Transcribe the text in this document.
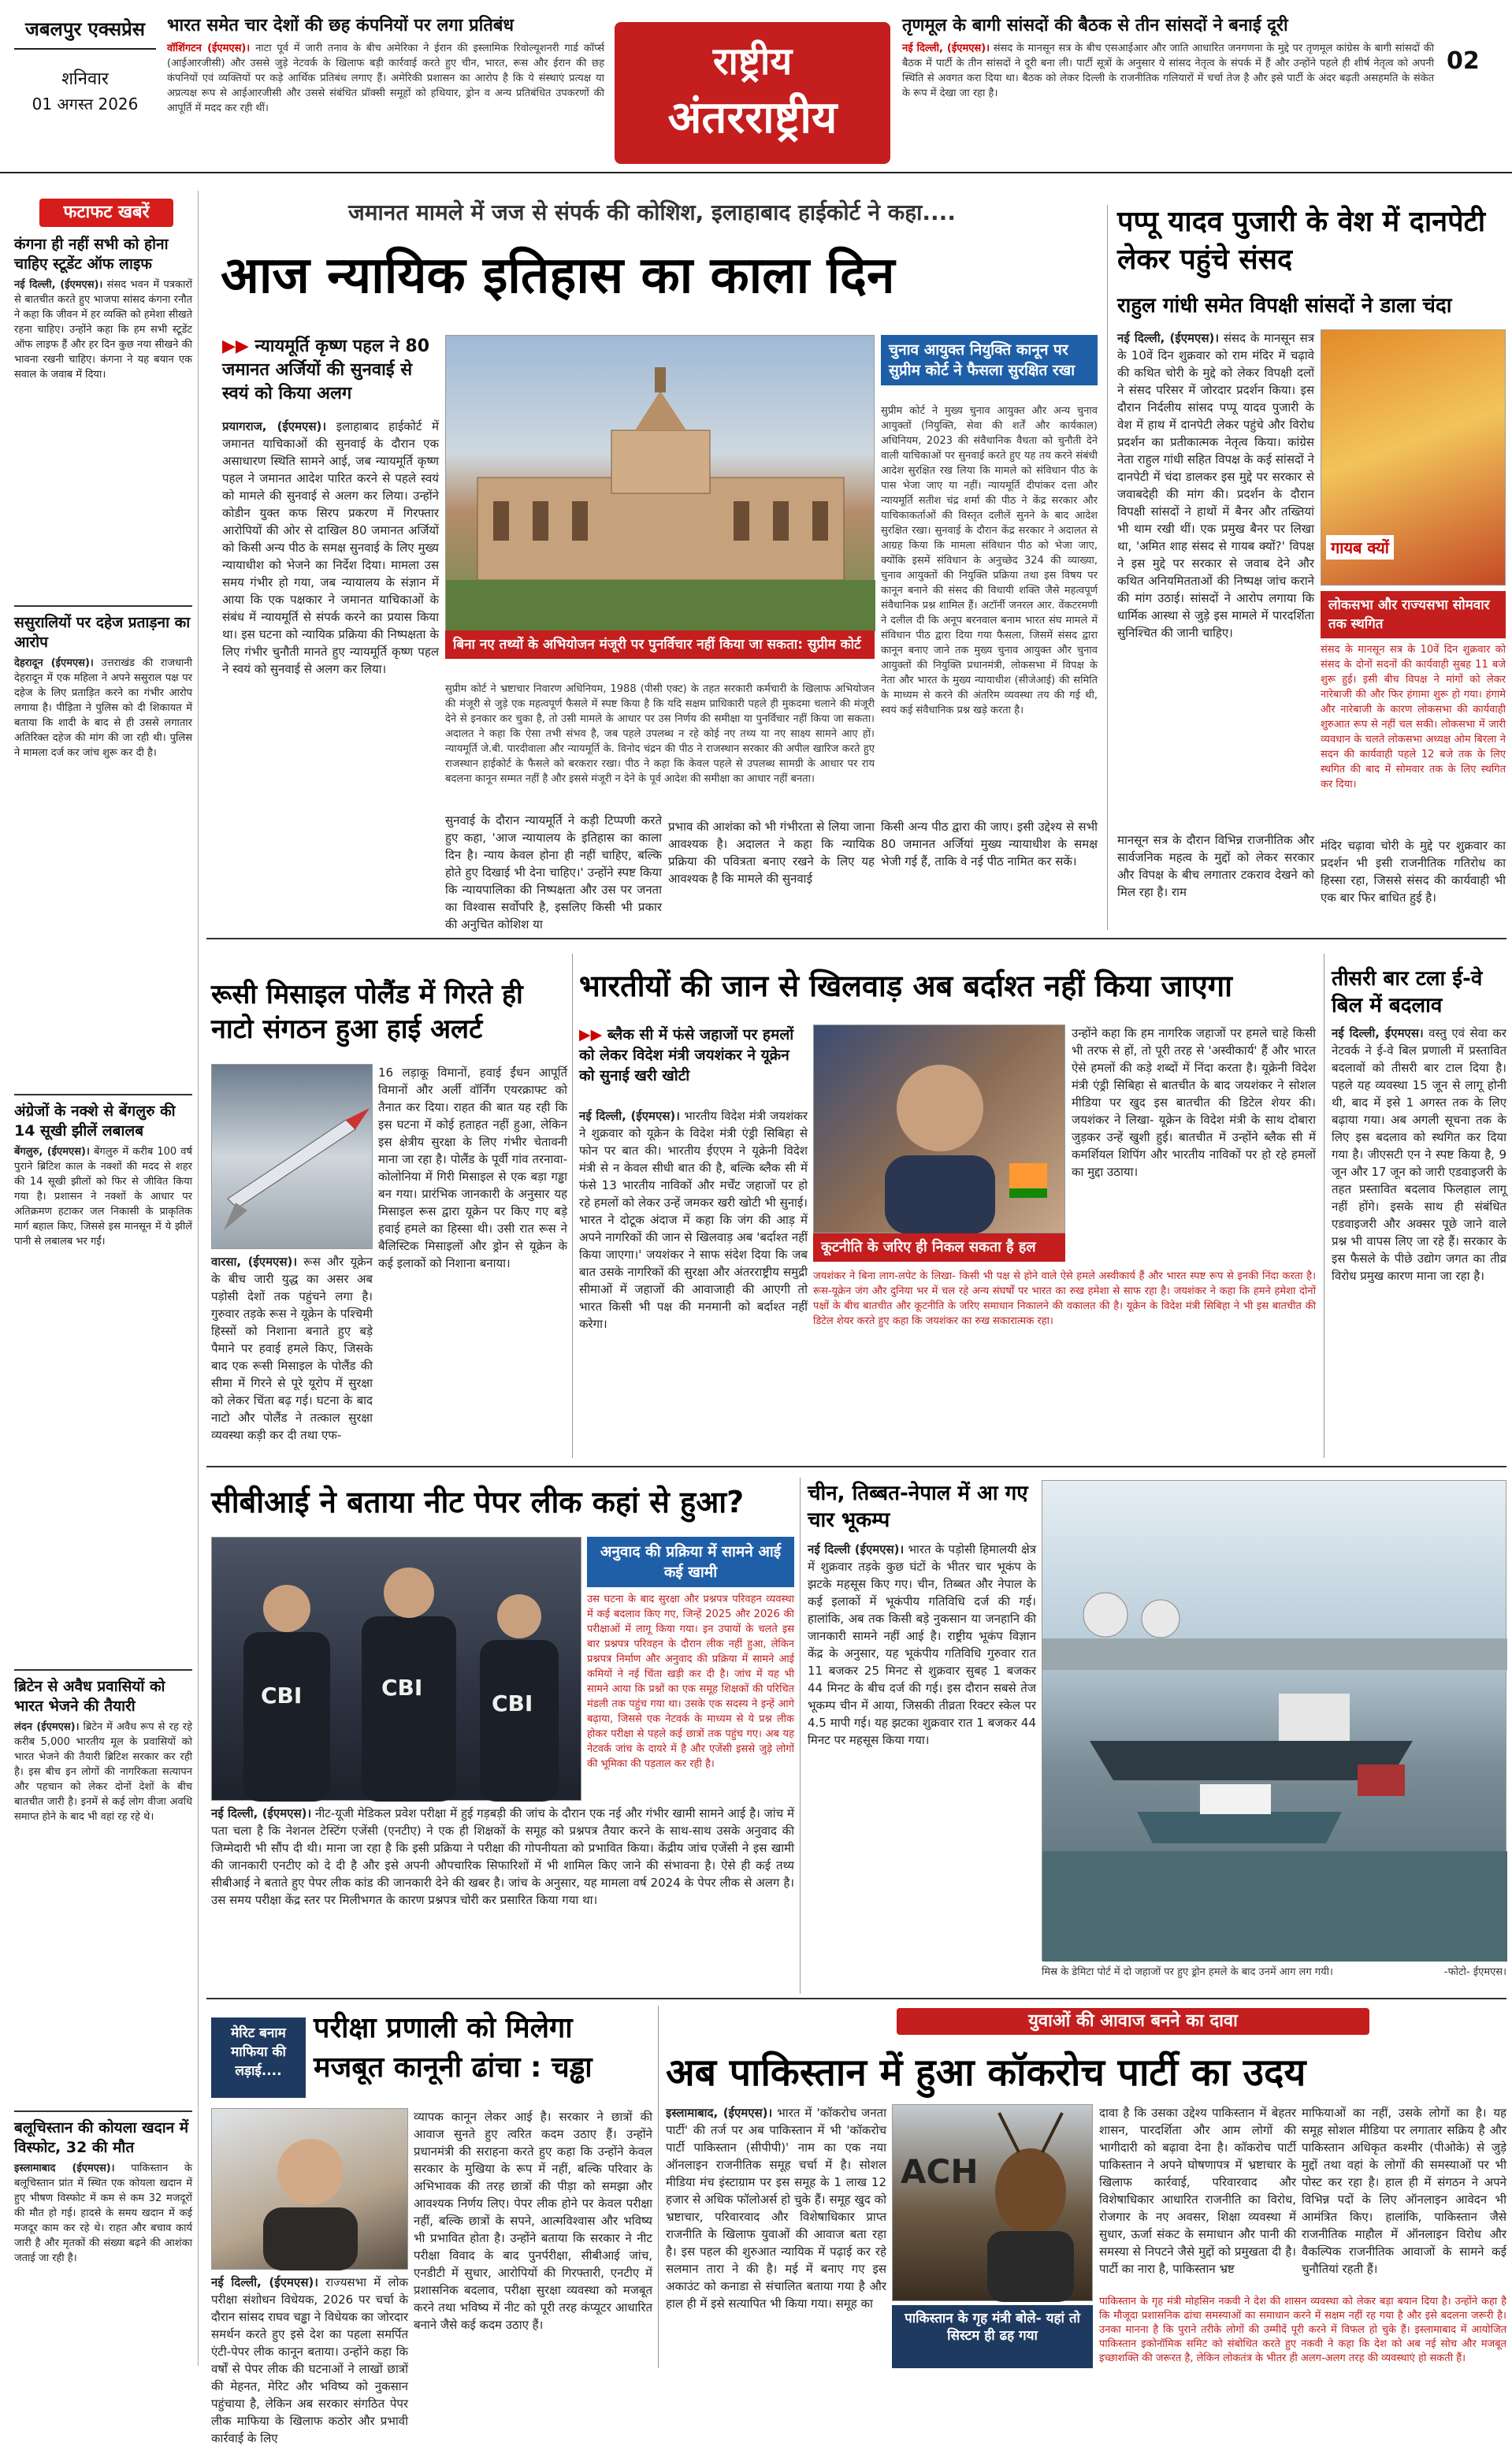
जबलपुर एक्सप्रेस
शनिवार
01 अगस्त 2026
भारत समेत चार देशों की छह कंपनियों पर लगा प्रतिबंध
वॉशिंगटन (ईएमएस)। नाटा पूर्व में जारी तनाव के बीच अमेरिका ने ईरान की इस्लामिक रिवोल्यूशनरी गार्ड कॉर्प्स (आईआरजीसी) और उससे जुड़े नेटवर्क के खिलाफ बड़ी कार्रवाई करते हुए चीन, भारत, रूस और ईरान की छह कंपनियों एवं व्यक्तियों पर कड़े आर्थिक प्रतिबंध लगाए हैं। अमेरिकी प्रशासन का आरोप है कि ये संस्थाएं प्रत्यक्ष या अप्रत्यक्ष रूप से आईआरजीसी और उससे संबंधित प्रॉक्सी समूहों को हथियार, ड्रोन व अन्य प्रतिबंधित उपकरणों की आपूर्ति में मदद कर रही थीं।
राष्ट्रीय
अंतरराष्ट्रीय
तृणमूल के बागी सांसदों की बैठक से तीन सांसदों ने बनाई दूरी
नई दिल्ली, (ईएमएस)। संसद के मानसून सत्र के बीच एसआईआर और जाति आधारित जनगणना के मुद्दे पर तृणमूल कांग्रेस के बागी सांसदों की बैठक में पार्टी के तीन सांसदों ने दूरी बना ली। पार्टी सूत्रों के अनुसार ये सांसद नेतृत्व के संपर्क में हैं और उन्होंने पहले ही शीर्ष नेतृत्व को अपनी स्थिति से अवगत करा दिया था। बैठक को लेकर दिल्ली के राजनीतिक गलियारों में चर्चा तेज है और इसे पार्टी के अंदर बढ़ती असहमति के संकेत के रूप में देखा जा रहा है।
02
फटाफट खबरें
कंगना ही नहीं सभी को होना चाहिए स्टूडेंट ऑफ लाइफ
नई दिल्ली, (ईएमएस)। संसद भवन में पत्रकारों से बातचीत करते हुए भाजपा सांसद कंगना रनौत ने कहा कि जीवन में हर व्यक्ति को हमेशा सीखते रहना चाहिए। उन्होंने कहा कि हम सभी स्टूडेंट ऑफ लाइफ हैं और हर दिन कुछ नया सीखने की भावना रखनी चाहिए। कंगना ने यह बयान एक सवाल के जवाब में दिया।
ससुरालियों पर दहेज प्रताड़ना का आरोप
देहरादून (ईएमएस)। उत्तराखंड की राजधानी देहरादून में एक महिला ने अपने ससुराल पक्ष पर दहेज के लिए प्रताड़ित करने का गंभीर आरोप लगाया है। पीड़िता ने पुलिस को दी शिकायत में बताया कि शादी के बाद से ही उससे लगातार अतिरिक्त दहेज की मांग की जा रही थी। पुलिस ने मामला दर्ज कर जांच शुरू कर दी है।
अंग्रेजों के नक्शे से बेंगलुरु की 14 सूखी झीलें लबालब
बेंगलुरु, (ईएमएस)। बेंगलुरु में करीब 100 वर्ष पुराने ब्रिटिश काल के नक्शों की मदद से शहर की 14 सूखी झीलों को फिर से जीवित किया गया है। प्रशासन ने नक्शों के आधार पर अतिक्रमण हटाकर जल निकासी के प्राकृतिक मार्ग बहाल किए, जिससे इस मानसून में ये झीलें पानी से लबालब भर गईं।
ब्रिटेन से अवैध प्रवासियों को भारत भेजने की तैयारी
लंदन (ईएमएस)। ब्रिटेन में अवैध रूप से रह रहे करीब 5,000 भारतीय मूल के प्रवासियों को भारत भेजने की तैयारी ब्रिटिश सरकार कर रही है। इस बीच इन लोगों की नागरिकता सत्यापन और पहचान को लेकर दोनों देशों के बीच बातचीत जारी है। इनमें से कई लोग वीजा अवधि समाप्त होने के बाद भी वहां रह रहे थे।
बलूचिस्तान की कोयला खदान में विस्फोट, 32 की मौत
इस्लामाबाद (ईएमएस)। पाकिस्तान के बलूचिस्तान प्रांत में स्थित एक कोयला खदान में हुए भीषण विस्फोट में कम से कम 32 मजदूरों की मौत हो गई। हादसे के समय खदान में कई मजदूर काम कर रहे थे। राहत और बचाव कार्य जारी है और मृतकों की संख्या बढ़ने की आशंका जताई जा रही है।
जमानत मामले में जज से संपर्क की कोशिश, इलाहाबाद हाईकोर्ट ने कहा....
आज न्यायिक इतिहास का काला दिन
▶▶ न्यायमूर्ति कृष्ण पहल ने 80 जमानत अर्जियों की सुनवाई से स्वयं को किया अलग
प्रयागराज, (ईएमएस)। इलाहाबाद हाईकोर्ट में जमानत याचिकाओं की सुनवाई के दौरान एक असाधारण स्थिति सामने आई, जब न्यायमूर्ति कृष्ण पहल ने जमानत आदेश पारित करने से पहले स्वयं को मामले की सुनवाई से अलग कर लिया। उन्होंने कोडीन युक्त कफ सिरप प्रकरण में गिरफ्तार आरोपियों की ओर से दाखिल 80 जमानत अर्जियों को किसी अन्य पीठ के समक्ष सुनवाई के लिए मुख्य न्यायाधीश को भेजने का निर्देश दिया। मामला उस समय गंभीर हो गया, जब न्यायालय के संज्ञान में आया कि एक पक्षकार ने जमानत याचिकाओं के संबंध में न्यायमूर्ति से संपर्क करने का प्रयास किया था। इस घटना को न्यायिक प्रक्रिया की निष्पक्षता के लिए गंभीर चुनौती मानते हुए न्यायमूर्ति कृष्ण पहल ने स्वयं को सुनवाई से अलग कर लिया।
सुनवाई के दौरान न्यायमूर्ति ने कड़ी टिप्पणी करते हुए कहा, 'आज न्यायालय के इतिहास का काला दिन है। न्याय केवल होना ही नहीं चाहिए, बल्कि होते हुए दिखाई भी देना चाहिए।' उन्होंने स्पष्ट किया कि न्यायपालिका की निष्पक्षता और उस पर जनता का विश्वास सर्वोपरि है, इसलिए किसी भी प्रकार की अनुचित कोशिश या
बिना नए तथ्यों के अभियोजन मंजूरी पर पुनर्विचार नहीं किया जा सकता: सुप्रीम कोर्ट
सुप्रीम कोर्ट ने भ्रष्टाचार निवारण अधिनियम, 1988 (पीसी एक्ट) के तहत सरकारी कर्मचारी के खिलाफ अभियोजन की मंजूरी से जुड़े एक महत्वपूर्ण फैसले में स्पष्ट किया है कि यदि सक्षम प्राधिकारी पहले ही मुकदमा चलाने की मंजूरी देने से इनकार कर चुका है, तो उसी मामले के आधार पर उस निर्णय की समीक्षा या पुनर्विचार नहीं किया जा सकता। अदालत ने कहा कि ऐसा तभी संभव है, जब पहले उपलब्ध न रहे कोई नए तथ्य या नए साक्ष्य सामने आए हों। न्यायमूर्ति जे.बी. पारदीवाला और न्यायमूर्ति के. विनोद चंद्रन की पीठ ने राजस्थान सरकार की अपील खारिज करते हुए राजस्थान हाईकोर्ट के फैसले को बरकरार रखा। पीठ ने कहा कि केवल पहले से उपलब्ध सामग्री के आधार पर राय बदलना कानून सम्मत नहीं है और इससे मंजूरी न देने के पूर्व आदेश की समीक्षा का आधार नहीं बनता।
चुनाव आयुक्त नियुक्ति कानून पर सुप्रीम कोर्ट ने फैसला सुरक्षित रखा
सुप्रीम कोर्ट ने मुख्य चुनाव आयुक्त और अन्य चुनाव आयुक्तों (नियुक्ति, सेवा की शर्तें और कार्यकाल) अधिनियम, 2023 की संवैधानिक वैधता को चुनौती देने वाली याचिकाओं पर सुनवाई करते हुए यह तय करने संबंधी आदेश सुरक्षित रख लिया कि मामले को संविधान पीठ के पास भेजा जाए या नहीं। न्यायमूर्ति दीपांकर दत्ता और न्यायमूर्ति सतीश चंद्र शर्मा की पीठ ने केंद्र सरकार और याचिकाकर्ताओं की विस्तृत दलीलें सुनने के बाद आदेश सुरक्षित रखा। सुनवाई के दौरान केंद्र सरकार ने अदालत से आग्रह किया कि मामला संविधान पीठ को भेजा जाए, क्योंकि इसमें संविधान के अनुच्छेद 324 की व्याख्या, चुनाव आयुक्तों की नियुक्ति प्रक्रिया तथा इस विषय पर कानून बनाने की संसद की विधायी शक्ति जैसे महत्वपूर्ण संवैधानिक प्रश्न शामिल हैं। अटॉर्नी जनरल आर. वेंकटरमणी ने दलील दी कि अनूप बरनवाल बनाम भारत संघ मामले में संविधान पीठ द्वारा दिया गया फैसला, जिसमें संसद द्वारा कानून बनाए जाने तक मुख्य चुनाव आयुक्त और चुनाव आयुक्तों की नियुक्ति प्रधानमंत्री, लोकसभा में विपक्ष के नेता और भारत के मुख्य न्यायाधीश (सीजेआई) की समिति के माध्यम से करने की अंतरिम व्यवस्था तय की गई थी, स्वयं कई संवैधानिक प्रश्न खड़े करता है।
प्रभाव की आशंका को भी गंभीरता से लिया जाना आवश्यक है। अदालत ने कहा कि न्यायिक प्रक्रिया की पवित्रता बनाए रखने के लिए यह आवश्यक है कि मामले की सुनवाई
किसी अन्य पीठ द्वारा की जाए। इसी उद्देश्य से सभी 80 जमानत अर्जियां मुख्य न्यायाधीश के समक्ष भेजी गई हैं, ताकि वे नई पीठ नामित कर सकें।
पप्पू यादव पुजारी के वेश में दानपेटी लेकर पहुंचे संसद
राहुल गांधी समेत विपक्षी सांसदों ने डाला चंदा
नई दिल्ली, (ईएमएस)। संसद के मानसून सत्र के 10वें दिन शुक्रवार को राम मंदिर में चढ़ावे की कथित चोरी के मुद्दे को लेकर विपक्षी दलों ने संसद परिसर में जोरदार प्रदर्शन किया। इस दौरान निर्दलीय सांसद पप्पू यादव पुजारी के वेश में हाथ में दानपेटी लेकर पहुंचे और विरोध प्रदर्शन का प्रतीकात्मक नेतृत्व किया। कांग्रेस नेता राहुल गांधी सहित विपक्ष के कई सांसदों ने दानपेटी में चंदा डालकर इस मुद्दे पर सरकार से जवाबदेही की मांग की। प्रदर्शन के दौरान विपक्षी सांसदों ने हाथों में बैनर और तख्तियां भी थाम रखी थीं। एक प्रमुख बैनर पर लिखा था, 'अमित शाह संसद से गायब क्यों?' विपक्ष ने इस मुद्दे पर सरकार से जवाब देने और कथित अनियमितताओं की निष्पक्ष जांच कराने की मांग उठाई। सांसदों ने आरोप लगाया कि धार्मिक आस्था से जुड़े इस मामले में पारदर्शिता सुनिश्चित की जानी चाहिए।
गायब क्यों
लोकसभा और राज्यसभा सोमवार तक स्थगित
संसद के मानसून सत्र के 10वें दिन शुक्रवार को संसद के दोनों सदनों की कार्यवाही सुबह 11 बजे शुरू हुई। इसी बीच विपक्ष ने मांगों को लेकर नारेबाजी की और फिर हंगामा शुरू हो गया। हंगामे और नारेबाजी के कारण लोकसभा की कार्यवाही शुरुआत रूप से नहीं चल सकी। लोकसभा में जारी व्यवधान के चलते लोकसभा अध्यक्ष ओम बिरला ने सदन की कार्यवाही पहले 12 बजे तक के लिए स्थगित की बाद में सोमवार तक के लिए स्थगित कर दिया।
मानसून सत्र के दौरान विभिन्न राजनीतिक और सार्वजनिक महत्व के मुद्दों को लेकर सरकार और विपक्ष के बीच लगातार टकराव देखने को मिल रहा है। राम
मंदिर चढ़ावा चोरी के मुद्दे पर शुक्रवार का प्रदर्शन भी इसी राजनीतिक गतिरोध का हिस्सा रहा, जिससे संसद की कार्यवाही भी एक बार फिर बाधित हुई है।
रूसी मिसाइल पोलैंड में गिरते ही नाटो संगठन हुआ हाई अलर्ट
वारसा, (ईएमएस)। रूस और यूक्रेन के बीच जारी युद्ध का असर अब पड़ोसी देशों तक पहुंचने लगा है। गुरुवार तड़के रूस ने यूक्रेन के पश्चिमी हिस्सों को निशाना बनाते हुए बड़े पैमाने पर हवाई हमले किए, जिसके बाद एक रूसी मिसाइल के पोलैंड की सीमा में गिरने से पूरे यूरोप में सुरक्षा को लेकर चिंता बढ़ गई। घटना के बाद नाटो और पोलैंड ने तत्काल सुरक्षा व्यवस्था कड़ी कर दी तथा एफ-
16 लड़ाकू विमानों, हवाई ईंधन आपूर्ति विमानों और अर्ली वॉर्निंग एयरक्राफ्ट को तैनात कर दिया। राहत की बात यह रही कि इस घटना में कोई हताहत नहीं हुआ, लेकिन इस क्षेत्रीय सुरक्षा के लिए गंभीर चेतावनी माना जा रहा है। पोलैंड के पूर्वी गांव तरनावा-कोलोनिया में गिरी मिसाइल से एक बड़ा गड्ढा बन गया। प्रारंभिक जानकारी के अनुसार यह मिसाइल रूस द्वारा यूक्रेन पर किए गए बड़े हवाई हमले का हिस्सा थी। उसी रात रूस ने बैलिस्टिक मिसाइलों और ड्रोन से यूक्रेन के कई इलाकों को निशाना बनाया।
भारतीयों की जान से खिलवाड़ अब बर्दाश्त नहीं किया जाएगा
▶▶ ब्लैक सी में फंसे जहाजों पर हमलों को लेकर विदेश मंत्री जयशंकर ने यूक्रेन को सुनाई खरी खोटी
नई दिल्ली, (ईएमएस)। भारतीय विदेश मंत्री जयशंकर ने शुक्रवार को यूक्रेन के विदेश मंत्री एंड्री सिबिहा से फोन पर बात की। भारतीय ईएएम ने यूक्रेनी विदेश मंत्री से न केवल सीधी बात की है, बल्कि ब्लैक सी में फंसे 13 भारतीय नाविकों और मर्चेंट जहाजों पर हो रहे हमलों को लेकर उन्हें जमकर खरी खोटी भी सुनाई। भारत ने दोटूक अंदाज में कहा कि जंग की आड़ में अपने नागरिकों की जान से खिलवाड़ अब 'बर्दाश्त नहीं किया जाएगा।' जयशंकर ने साफ संदेश दिया कि जब बात उसके नागरिकों की सुरक्षा और अंतरराष्ट्रीय समुद्री सीमाओं में जहाजों की आवाजाही की आएगी तो भारत किसी भी पक्ष की मनमानी को बर्दाश्त नहीं करेगा।
कूटनीति के जरिए ही निकल सकता है हल
उन्होंने कहा कि हम नागरिक जहाजों पर हमले चाहे किसी भी तरफ से हों, तो पूरी तरह से 'अस्वीकार्य' हैं और भारत ऐसे हमलों की कड़े शब्दों में निंदा करता है। यूक्रेनी विदेश मंत्री एंड्री सिबिहा से बातचीत के बाद जयशंकर ने सोशल मीडिया पर खुद इस बातचीत की डिटेल शेयर की। जयशंकर ने लिखा- यूक्रेन के विदेश मंत्री के साथ दोबारा जुड़कर उन्हें खुशी हुई। बातचीत में उन्होंने ब्लैक सी में कमर्शियल शिपिंग और भारतीय नाविकों पर हो रहे हमलों का मुद्दा उठाया।
जयशंकर ने बिना लाग-लपेट के लिखा- किसी भी पक्ष से होने वाले ऐसे हमले अस्वीकार्य हैं और भारत स्पष्ट रूप से इनकी निंदा करता है। रूस-यूक्रेन जंग और दुनिया भर में चल रहे अन्य संघर्षों पर भारत का रुख हमेशा से साफ रहा है। जयशंकर ने कहा कि हमने हमेशा दोनों पक्षों के बीच बातचीत और कूटनीति के जरिए समाधान निकालने की वकालत की है। यूक्रेन के विदेश मंत्री सिबिहा ने भी इस बातचीत की डिटेल शेयर करते हुए कहा कि जयशंकर का रुख सकारात्मक रहा।
तीसरी बार टला ई-वे बिल में बदलाव
नई दिल्ली, ईएमएस। वस्तु एवं सेवा कर नेटवर्क ने ई-वे बिल प्रणाली में प्रस्तावित बदलावों को तीसरी बार टाल दिया है। पहले यह व्यवस्था 15 जून से लागू होनी थी, बाद में इसे 1 अगस्त तक के लिए बढ़ाया गया। अब अगली सूचना तक के लिए इस बदलाव को स्थगित कर दिया गया है। जीएसटी एन ने स्पष्ट किया है, 9 जून और 17 जून को जारी एडवाइजरी के तहत प्रस्तावित बदलाव फिलहाल लागू नहीं होंगे। इसके साथ ही संबंधित एडवाइजरी और अक्सर पूछे जाने वाले प्रश्न भी वापस लिए जा रहे हैं। सरकार के इस फैसले के पीछे उद्योग जगत का तीव्र विरोध प्रमुख कारण माना जा रहा है।
सीबीआई ने बताया नीट पेपर लीक कहां से हुआ?
CBI	CBI
CBI
नई दिल्ली, (ईएमएस)। नीट-यूजी मेडिकल प्रवेश परीक्षा में हुई गड़बड़ी की जांच के दौरान एक नई और गंभीर खामी सामने आई है। जांच में पता चला है कि नेशनल टेस्टिंग एजेंसी (एनटीए) ने एक ही शिक्षकों के समूह को प्रश्नपत्र तैयार करने के साथ-साथ उसके अनुवाद की जिम्मेदारी भी सौंप दी थी। माना जा रहा है कि इसी प्रक्रिया ने परीक्षा की गोपनीयता को प्रभावित किया। केंद्रीय जांच एजेंसी ने इस खामी की जानकारी एनटीए को दे दी है और इसे अपनी औपचारिक सिफारिशों में भी शामिल किए जाने की संभावना है। ऐसे ही कई तथ्य सीबीआई ने बताते हुए पेपर लीक कांड की जानकारी देने की खबर है। जांच के अनुसार, यह मामला वर्ष 2024 के पेपर लीक से अलग है। उस समय परीक्षा केंद्र स्तर पर मिलीभगत के कारण प्रश्नपत्र चोरी कर प्रसारित किया गया था।
अनुवाद की प्रक्रिया में सामने आई कई खामी
उस घटना के बाद सुरक्षा और प्रश्नपत्र परिवहन व्यवस्था में कई बदलाव किए गए, जिन्हें 2025 और 2026 की परीक्षाओं में लागू किया गया। इन उपायों के चलते इस बार प्रश्नपत्र परिवहन के दौरान लीक नहीं हुआ, लेकिन प्रश्नपत्र निर्माण और अनुवाद की प्रक्रिया में सामने आई कमियों ने नई चिंता खड़ी कर दी है। जांच में यह भी सामने आया कि प्रश्नों का एक समूह शिक्षकों की परिचित मंडली तक पहुंच गया था। उसके एक सदस्य ने इन्हें आगे बढ़ाया, जिससे एक नेटवर्क के माध्यम से ये प्रश्न लीक होकर परीक्षा से पहले कई छात्रों तक पहुंच गए। अब यह नेटवर्क जांच के दायरे में है और एजेंसी इससे जुड़े लोगों की भूमिका की पड़ताल कर रही है।
चीन, तिब्बत-नेपाल में आ गए चार भूकम्प
नई दिल्ली (ईएमएस)। भारत के पड़ोसी हिमालयी क्षेत्र में शुक्रवार तड़के कुछ घंटों के भीतर चार भूकंप के झटके महसूस किए गए। चीन, तिब्बत और नेपाल के कई इलाकों में भूकंपीय गतिविधि दर्ज की गई। हालांकि, अब तक किसी बड़े नुकसान या जनहानि की जानकारी सामने नहीं आई है। राष्ट्रीय भूकंप विज्ञान केंद्र के अनुसार, यह भूकंपीय गतिविधि गुरुवार रात 11 बजकर 25 मिनट से शुक्रवार सुबह 1 बजकर 44 मिनट के बीच दर्ज की गई। इस दौरान सबसे तेज भूकम्प चीन में आया, जिसकी तीव्रता रिक्टर स्केल पर 4.5 मापी गई। यह झटका शुक्रवार रात 1 बजकर 44 मिनट पर महसूस किया गया।
मिस्र के डेमिटा पोर्ट में दो जहाजों पर हुए ड्रोन हमले के बाद उनमें आग लग गयी।	-फोटो- ईएमएस।
मेरिट बनाम माफिया की लड़ाई....
परीक्षा प्रणाली को मिलेगा
मजबूत कानूनी ढांचा : चड्ढा
नई दिल्ली, (ईएमएस)। राज्यसभा में लोक परीक्षा संशोधन विधेयक, 2026 पर चर्चा के दौरान सांसद राघव चड्ढा ने विधेयक का जोरदार समर्थन करते हुए इसे देश का पहला समर्पित एंटी-पेपर लीक कानून बताया। उन्होंने कहा कि वर्षों से पेपर लीक की घटनाओं ने लाखों छात्रों की मेहनत, मेरिट और भविष्य को नुकसान पहुंचाया है, लेकिन अब सरकार संगठित पेपर लीक माफिया के खिलाफ कठोर और प्रभावी कार्रवाई के लिए
व्यापक कानून लेकर आई है। सरकार ने छात्रों की आवाज सुनते हुए त्वरित कदम उठाए हैं। उन्होंने प्रधानमंत्री की सराहना करते हुए कहा कि उन्होंने केवल सरकार के मुखिया के रूप में नहीं, बल्कि परिवार के अभिभावक की तरह छात्रों की पीड़ा को समझा और आवश्यक निर्णय लिए। पेपर लीक होने पर केवल परीक्षा नहीं, बल्कि छात्रों के सपने, आत्मविश्वास और भविष्य भी प्रभावित होता है। उन्होंने बताया कि सरकार ने नीट परीक्षा विवाद के बाद पुनर्परीक्षा, सीबीआई जांच, एनडीटी में सुधार, आरोपियों की गिरफ्तारी, एनटीए में प्रशासनिक बदलाव, परीक्षा सुरक्षा व्यवस्था को मजबूत करने तथा भविष्य में नीट को पूरी तरह कंप्यूटर आधारित बनाने जैसे कई कदम उठाए हैं।
युवाओं की आवाज बनने का दावा
अब पाकिस्तान में हुआ कॉकरोच पार्टी का उदय
इस्लामाबाद, (ईएमएस)। भारत में 'कॉकरोच जनता पार्टी' की तर्ज पर अब पाकिस्तान में भी 'कॉकरोच पार्टी पाकिस्तान (सीपीपी)' नाम का एक नया ऑनलाइन राजनीतिक समूह चर्चा में है। सोशल मीडिया मंच इंस्टाग्राम पर इस समूह के 1 लाख 12 हजार से अधिक फॉलोअर्स हो चुके हैं। समूह खुद को भ्रष्टाचार, परिवारवाद और विशेषाधिकार प्राप्त राजनीति के खिलाफ युवाओं की आवाज बता रहा है। इस पहल की शुरुआत न्यायिक में पढ़ाई कर रहे सलमान तारा ने की है। मई में बनाए गए इस अकाउंट को कनाडा से संचालित बताया गया है और हाल ही में इसे सत्यापित भी किया गया। समूह का
ACH
पाकिस्तान के गृह मंत्री बोले- यहां तो सिस्टम ही ढह गया
दावा है कि उसका उद्देश्य पाकिस्तान में बेहतर शासन, पारदर्शिता और आम लोगों की भागीदारी को बढ़ावा देना है। कॉकरोच पार्टी पाकिस्तान ने अपने घोषणापत्र में भ्रष्टाचार के खिलाफ कार्रवाई, परिवारवाद और विशेषाधिकार आधारित राजनीति का विरोध, रोजगार के नए अवसर, शिक्षा व्यवस्था में सुधार, ऊर्जा संकट के समाधान और पानी की समस्या से निपटने जैसे मुद्दों को प्रमुखता दी है। पार्टी का नारा है, पाकिस्तान भ्रष्ट
माफियाओं का नहीं, उसके लोगों का है। यह समूह सोशल मीडिया पर लगातार सक्रिय है और पाकिस्तान अधिकृत कश्मीर (पीओके) से जुड़े मुद्दों तथा वहां के लोगों की समस्याओं पर भी पोस्ट कर रहा है। हाल ही में संगठन ने अपने विभिन्न पदों के लिए ऑनलाइन आवेदन भी आमंत्रित किए। हालांकि, पाकिस्तान जैसे राजनीतिक माहौल में ऑनलाइन विरोध और वैकल्पिक राजनीतिक आवाजों के सामने कई चुनौतियां रहती हैं।
पाकिस्तान के गृह मंत्री मोहसिन नकवी ने देश की शासन व्यवस्था को लेकर बड़ा बयान दिया है। उन्होंने कहा है कि मौजूदा प्रशासनिक ढांचा समस्याओं का समाधान करने में सक्षम नहीं रह गया है और इसे बदलना जरूरी है। उनका मानना है कि पुराने तरीके लोगों की उम्मीदें पूरी करने में विफल हो चुके हैं। इस्लामाबाद में आयोजित पाकिस्तान इकोनॉमिक समिट को संबोधित करते हुए नकवी ने कहा कि देश को अब नई सोच और मजबूत इच्छाशक्ति की जरूरत है, लेकिन लोकतंत्र के भीतर ही अलग-अलग तरह की व्यवस्थाएं हो सकती हैं।
